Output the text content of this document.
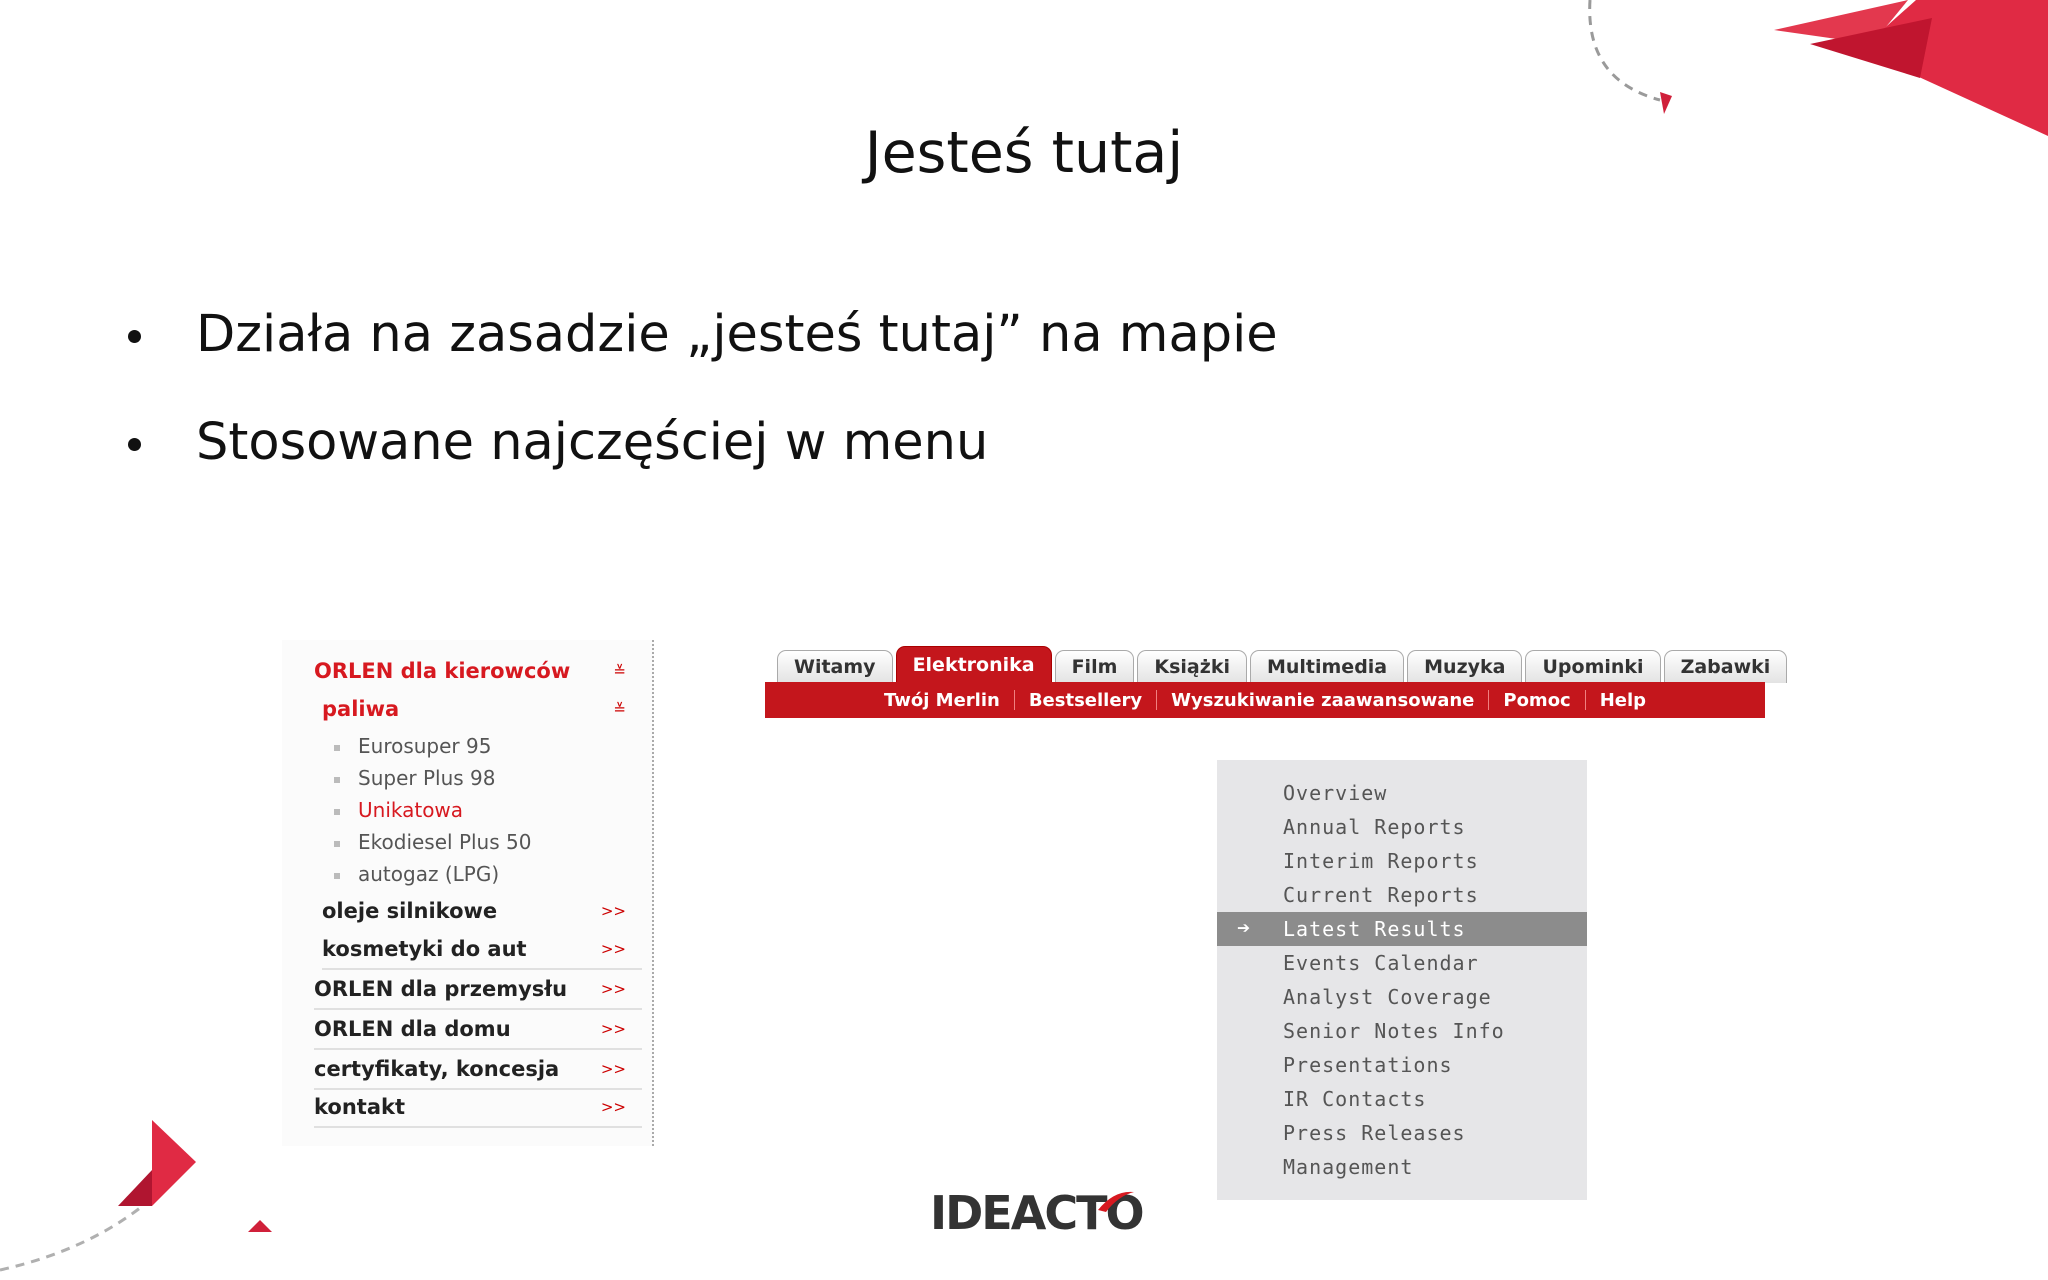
Jesteś tutaj
Działa na zasadzie „jesteś tutaj” na mapie
Stosowane najczęściej w menu
ORLEN dla kierowców	≚
paliwa	≚
Eurosuper 95
Super Plus 98
Unikatowa
Ekodiesel Plus 50
autogaz (LPG)
oleje silnikowe	>>
kosmetyki do aut	>>
ORLEN dla przemysłu >>
ORLEN dla domu	>>
certyfikaty, koncesja	>>
kontakt	>>
Witamy	Elektronika	Film	Książki	Multimedia	Muzyka	Upominki	Zabawki
Twój Merlin	Bestsellery	Wyszukiwanie zaawansowane	Pomoc	Help
Overview
Annual Reports
Interim Reports
Current Reports
➔ Latest Results
Events Calendar
Analyst Coverage
Senior Notes Info
Presentations
IR Contacts
Press Releases
Management
IDEACTO
